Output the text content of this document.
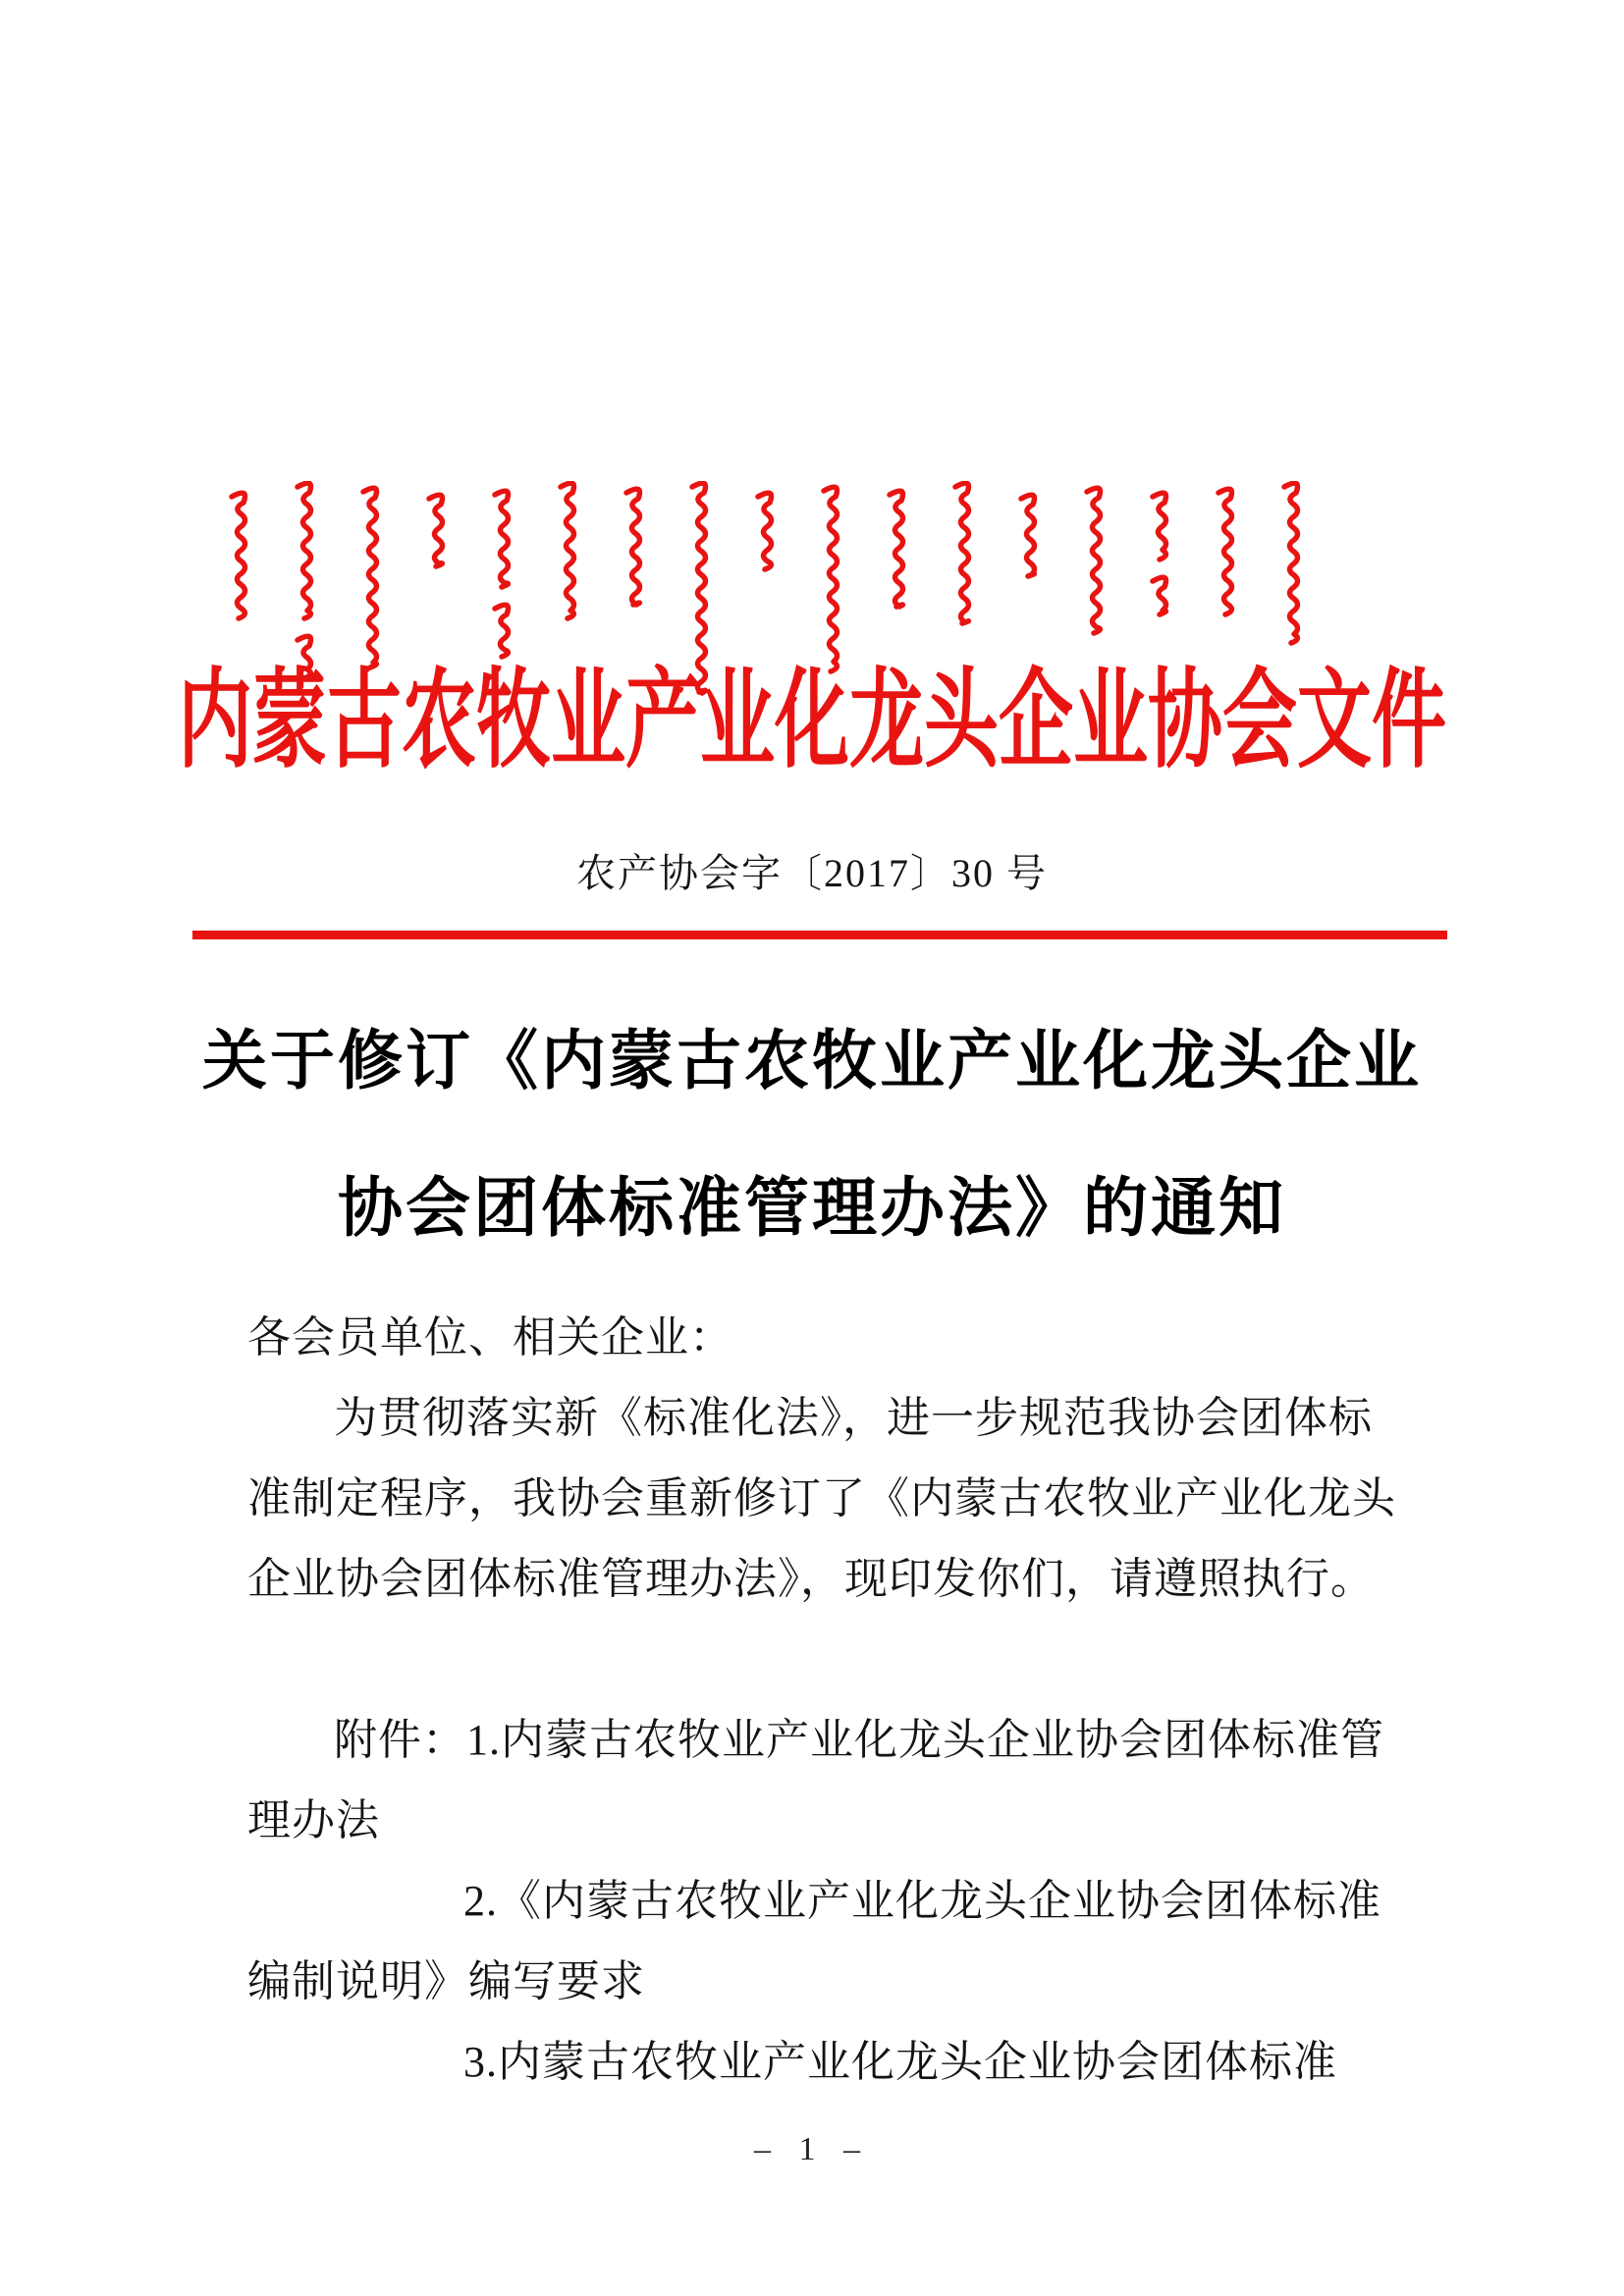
内蒙古农牧业产业化龙头企业协会文件
农产协会字〔2017〕30 号
关于修订《内蒙古农牧业产业化龙头企业
协会团体标准管理办法》的通知
各会员单位、相关企业：
为贯彻落实新《标准化法》，进一步规范我协会团体标
准制定程序，我协会重新修订了《内蒙古农牧业产业化龙头
企业协会团体标准管理办法》，现印发你们，请遵照执行。

附件：1.内蒙古农牧业产业化龙头企业协会团体标准管
理办法
2.《内蒙古农牧业产业化龙头企业协会团体标准
编制说明》编写要求
3.内蒙古农牧业产业化龙头企业协会团体标准
– 1 –
